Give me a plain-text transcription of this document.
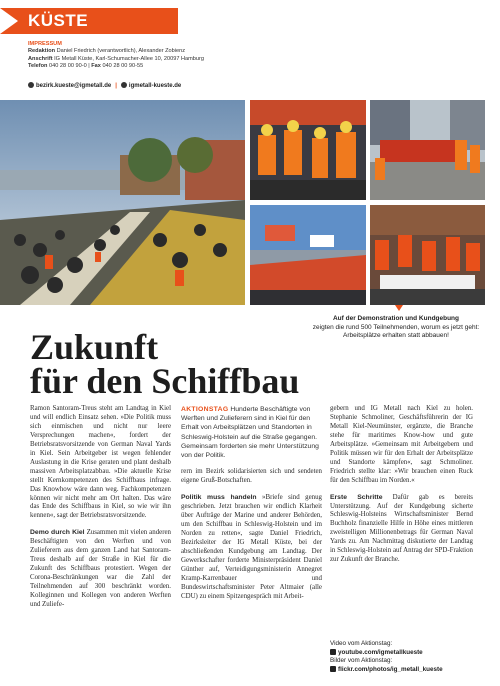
KÜSTE
IMPRESSUM
Redaktion Daniel Friedrich (verantwortlich), Alexander Zobienz
Anschrift IG Metall Küste, Karl-Schumacher-Allee 10, 20097 Hamburg
Telefon 040 28 00 90-0 | Fax 040 28 00 90-55
bezirk.kueste@igmetall.de | igmetall-kueste.de
Auf der Demonstration und Kundgebung
zeigten die rund 500 Teilnehmenden, worum es jetzt geht: Arbeitsplätze erhalten statt abbauen!
Zukunft
für den Schiffbau

Ramon Santoram-Treus steht am Landtag in Kiel und will endlich Einsatz sehen. »Die Politik muss sich einmischen und nicht nur leere Versprechungen machen«, fordert der Betriebsratsvorsitzende von German Naval Yards in Kiel. Sein Arbeitgeber ist wegen fehlender Auslastung in die Krise geraten und plant deshalb massiven Arbeitsplatzabbau. »Die aktuelle Krise stellt Kernkompetenzen des Schiffbaus infrage. Das Knowhow wäre dann weg. Fachkompetenzen können wir nicht mehr am Ort halten. Das wäre das Ende des Schiffbaus in Kiel, so wie wir ihn kennen«, sagt der Betriebsratsvorsitzende.

Demo durch Kiel Zusammen mit vielen anderen Beschäftigten von den Werften und von Zulieferern aus dem ganzen Land hat Santoram-Treus deshalb auf der Straße in Kiel für die Zukunft des Schiffbaus protestiert. Wegen der Corona-Beschränkungen war die Zahl der Teilnehmenden auf 300 beschränkt worden. Kolleginnen und Kollegen von anderen Werften und Zuliefe-

AKTIONSTAG Hunderte Beschäftigte von Werften und Zulieferern sind in Kiel für den Erhalt von Arbeitsplätzen und Standorten in Schleswig-Holstein auf die Straße gegangen. Gemeinsam forderten sie mehr Unterstützung von der Politik.

rern im Bezirk solidarisierten sich und sendeten eigene Gruß-Botschaften.

Politik muss handeln »Briefe sind genug geschrieben. Jetzt brauchen wir endlich Klarheit über Aufträge der Marine und anderer Behörden, um den Schiffbau in Schleswig-Holstein und im Norden zu retten«, sagte Daniel Friedrich, Bezirksleiter der IG Metall Küste, bei der abschließenden Kundgebung am Landtag. Der Gewerkschafter forderte Ministerpräsident Daniel Günther auf, Verteidigungsministerin Annegret Kramp-Karrenbauer und Bundeswirtschaftsminister Peter Altmaier (alle CDU) zu einem Spitzengespräch mit Arbeit-

gebern und IG Metall nach Kiel zu holen. Stephanie Schmoliner, Geschäftsführerin der IG Metall Kiel-Neumünster, ergänzte, die Branche stehe für maritimes Know-how und gute Arbeitsplätze. »Gemeinsam mit Arbeitgebern und Politik müssen wir für den Erhalt der Arbeitsplätze und Standorte kämpfen«, sagt Schmoliner. Friedrich stellte klar: »Wir brauchen einen Ruck für den Schiffbau im Norden.«

Erste Schritte Dafür gab es bereits Unterstützung. Auf der Kundgebung sicherte Schleswig-Holsteins Wirtschaftsminister Bernd Buchholz finanzielle Hilfe in Höhe eines mittleren zweistelligen Millionenbetrags für German Naval Yards zu. Am Nachmittag diskutierte der Landtag in Schleswig-Holstein auf Antrag der SPD-Fraktion zur Zukunft der Branche.

Video vom Aktionstag:
youtube.com/igmetallkueste
Bilder vom Aktionstag:
flickr.com/photos/ig_metall_kueste
